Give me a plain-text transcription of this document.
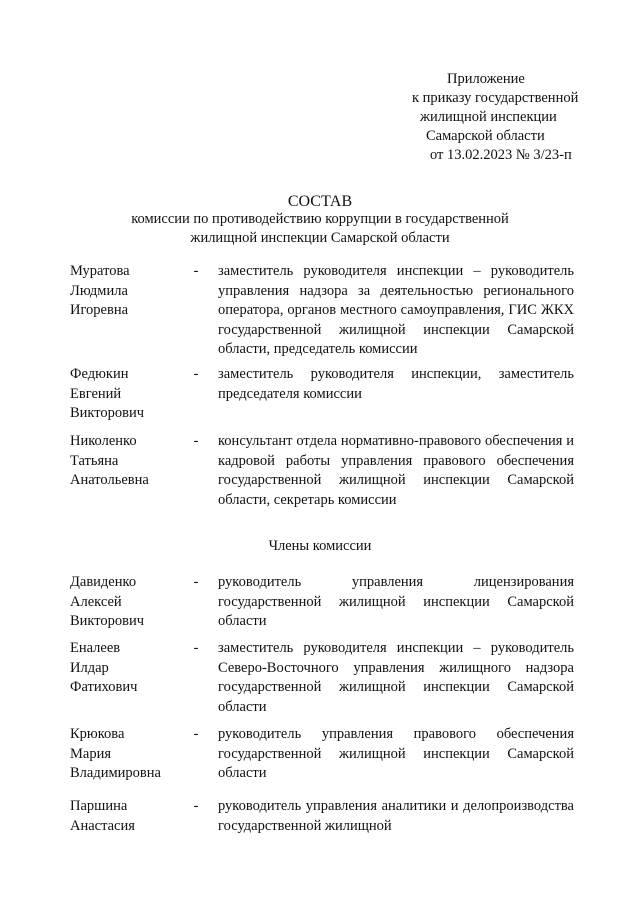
Приложение
к приказу государственной
жилищной инспекции
Самарской области
от 13.02.2023 № 3/23-п
СОСТАВ
комиссии по противодействию коррупции в государственной
жилищной инспекции Самарской области
Муратова
Людмила
Игоревна
- заместитель руководителя инспекции – руководитель управления надзора за деятельностью регионального оператора, органов местного самоуправления, ГИС ЖКХ государственной жилищной инспекции Самарской области, председатель комиссии
Федюкин
Евгений
Викторович
- заместитель руководителя инспекции, заместитель председателя комиссии
Николенко
Татьяна
Анатольевна
- консультант отдела нормативно-правового обеспечения и кадровой работы управления правового обеспечения государственной жилищной инспекции Самарской области, секретарь комиссии
Члены комиссии
Давиденко
Алексей
Викторович
- руководитель управления лицензирования государственной жилищной инспекции Самарской области
Еналеев
Илдар
Фатихович
- заместитель руководителя инспекции – руководитель Северо-Восточного управления жилищного надзора государственной жилищной инспекции Самарской области
Крюкова
Мария
Владимировна
- руководитель управления правового обеспечения государственной жилищной инспекции Самарской области
Паршина
Анастасия
- руководитель управления аналитики и делопроизводства государственной жилищной
